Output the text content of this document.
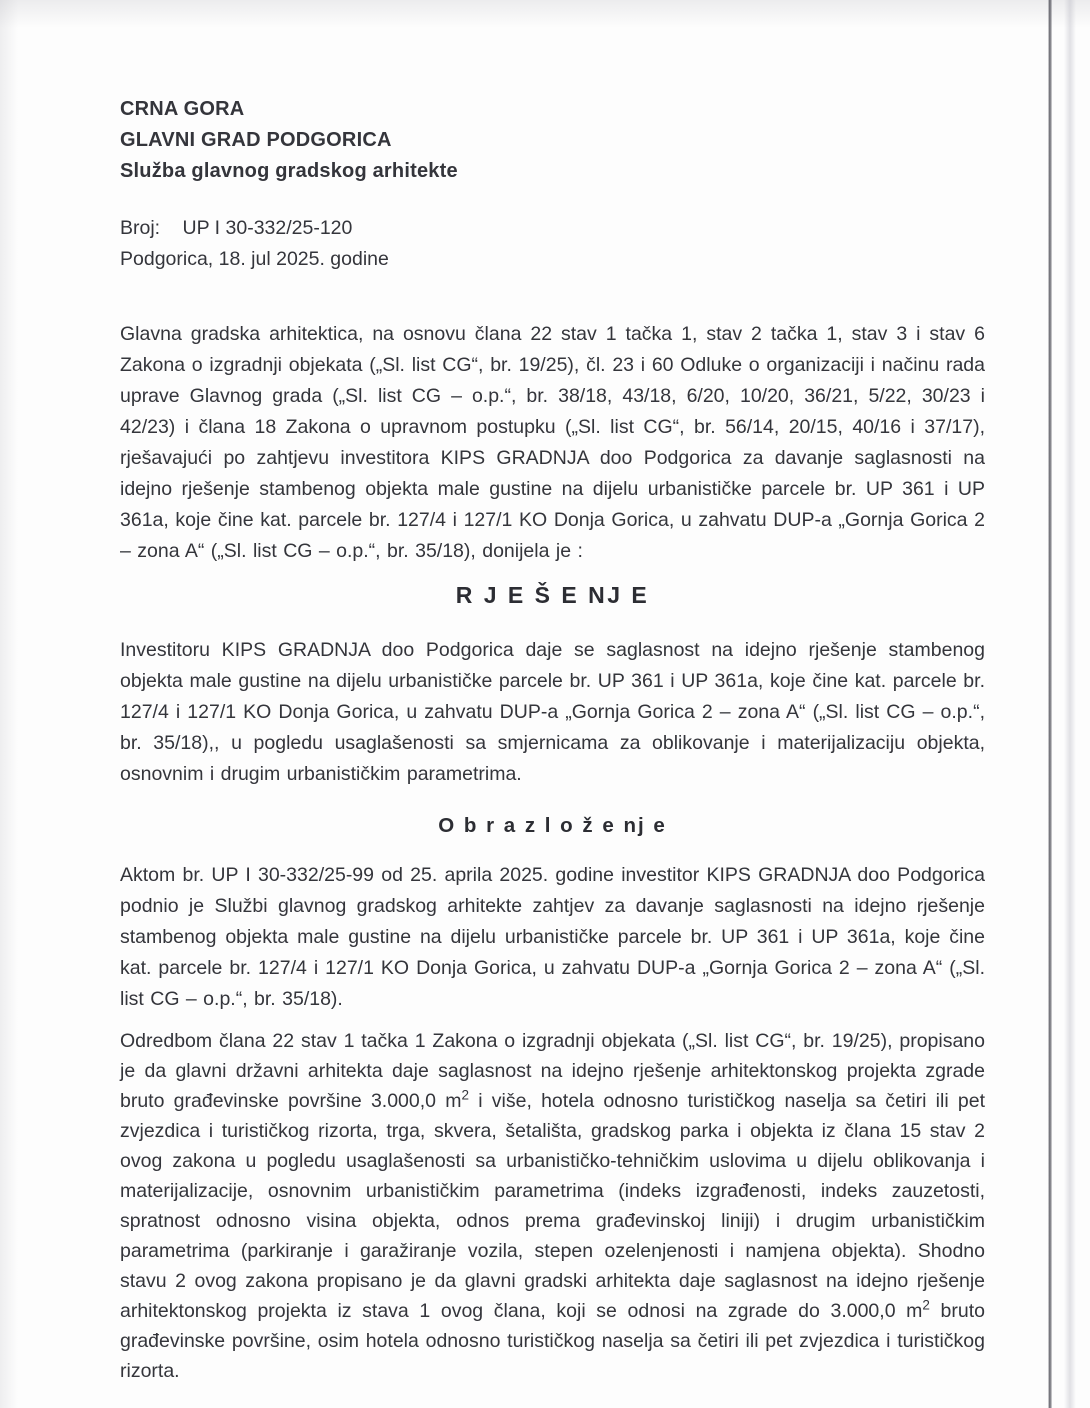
CRNA GORA
GLAVNI GRAD PODGORICA
Služba glavnog gradskog arhitekte
Broj: UP I 30-332/25-120
Podgorica, 18. jul 2025. godine

Glavna gradska arhitektica, na osnovu člana 22 stav 1 tačka 1, stav 2 tačka 1, stav 3 i stav 6 Zakona o izgradnji objekata („Sl. list CG“, br. 19/25), čl. 23 i 60 Odluke o organizaciji i načinu rada uprave Glavnog grada („Sl. list CG – o.p.“, br. 38/18, 43/18, 6/20, 10/20, 36/21, 5/22, 30/23 i 42/23) i člana 18 Zakona o upravnom postupku („Sl. list CG“, br. 56/14, 20/15, 40/16 i 37/17), rješavajući po zahtjevu investitora KIPS GRADNJA doo Podgorica za davanje saglasnosti na idejno rješenje stambenog objekta male gustine na dijelu urbanističke parcele br. UP 361 i UP 361a, koje čine kat. parcele br. 127/4 i 127/1 KO Donja Gorica, u zahvatu DUP-a „Gornja Gorica 2 – zona A“ („Sl. list CG – o.p.“, br. 35/18), donijela je :

R J E Š E NJ E

Investitoru KIPS GRADNJA doo Podgorica daje se saglasnost na idejno rješenje stambenog objekta male gustine na dijelu urbanističke parcele br. UP 361 i UP 361a, koje čine kat. parcele br. 127/4 i 127/1 KO Donja Gorica, u zahvatu DUP-a „Gornja Gorica 2 – zona A“ („Sl. list CG – o.p.“, br. 35/18),, u pogledu usaglašenosti sa smjernicama za oblikovanje i materijalizaciju objekta, osnovnim i drugim urbanističkim parametrima.

O b r a z l o ž e nj e

Aktom br. UP I 30-332/25-99 od 25. aprila 2025. godine investitor KIPS GRADNJA doo Podgorica podnio je Službi glavnog gradskog arhitekte zahtjev za davanje saglasnosti na idejno rješenje stambenog objekta male gustine na dijelu urbanističke parcele br. UP 361 i UP 361a, koje čine kat. parcele br. 127/4 i 127/1 KO Donja Gorica, u zahvatu DUP-a „Gornja Gorica 2 – zona A“ („Sl. list CG – o.p.“, br. 35/18).

Odredbom člana 22 stav 1 tačka 1 Zakona o izgradnji objekata („Sl. list CG“, br. 19/25), propisano je da glavni državni arhitekta daje saglasnost na idejno rješenje arhitektonskog projekta zgrade bruto građevinske površine 3.000,0 $m^2$ i više, hotela odnosno turističkog naselja sa četiri ili pet zvjezdica i turističkog rizorta, trga, skvera, šetališta, gradskog parka i objekta iz člana 15 stav 2 ovog zakona u pogledu usaglašenosti sa urbanističko-tehničkim uslovima u dijelu oblikovanja i materijalizacije, osnovnim urbanističkim parametrima (indeks izgrađenosti, indeks zauzetosti, spratnost odnosno visina objekta, odnos prema građevinskoj liniji) i drugim urbanističkim parametrima (parkiranje i garažiranje vozila, stepen ozelenjenosti i namjena objekta). Shodno stavu 2 ovog zakona propisano je da glavni gradski arhitekta daje saglasnost na idejno rješenje arhitektonskog projekta iz stava 1 ovog člana, koji se odnosi na zgrade do 3.000,0 $m^2$ bruto građevinske površine, osim hotela odnosno turističkog naselja sa četiri ili pet zvjezdica i turističkog rizorta.
